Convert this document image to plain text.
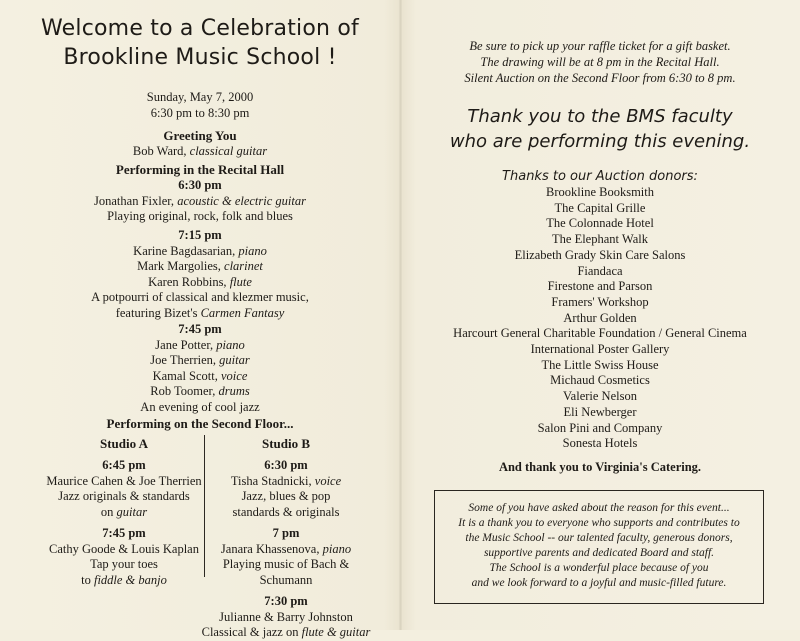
Welcome to a Celebration of
Brookline Music School !
Sunday, May 7, 2000
6:30 pm to 8:30 pm
Greeting You
Bob Ward, classical guitar
Performing in the Recital Hall
6:30 pm
Jonathan Fixler, acoustic & electric guitar
Playing original, rock, folk and blues
7:15 pm
Karine Bagdasarian, piano
Mark Margolies, clarinet
Karen Robbins, flute
A potpourri of classical and klezmer music,
featuring Bizet's Carmen Fantasy
7:45 pm
Jane Potter, piano
Joe Therrien, guitar
Kamal Scott, voice
Rob Toomer, drums
An evening of cool jazz
Performing on the Second Floor...
Studio A
6:45 pm
Maurice Cahen & Joe Therrien
Jazz originals & standards
on guitar
7:45 pm
Cathy Goode & Louis Kaplan
Tap your toes
to fiddle & banjo
Studio B
6:30 pm
Tisha Stadnicki, voice
Jazz, blues & pop
standards & originals
7 pm
Janara Khassenova, piano
Playing music of Bach & Schumann
7:30 pm
Julianne & Barry Johnston
Classical & jazz on flute & guitar
Be sure to pick up your raffle ticket for a gift basket.
The drawing will be at 8 pm in the Recital Hall.
Silent Auction on the Second Floor from 6:30 to 8 pm.
Thank you to the BMS faculty
who are performing this evening.
Thanks to our Auction donors:
Brookline Booksmith
The Capital Grille
The Colonnade Hotel
The Elephant Walk
Elizabeth Grady Skin Care Salons
Fiandaca
Firestone and Parson
Framers' Workshop
Arthur Golden
Harcourt General Charitable Foundation / General Cinema
International Poster Gallery
The Little Swiss House
Michaud Cosmetics
Valerie Nelson
Eli Newberger
Salon Pini and Company
Sonesta Hotels
And thank you to Virginia's Catering.
Some of you have asked about the reason for this event...
It is a thank you to everyone who supports and contributes to
the Music School -- our talented faculty, generous donors,
supportive parents and dedicated Board and staff.
The School is a wonderful place because of you
and we look forward to a joyful and music-filled future.
